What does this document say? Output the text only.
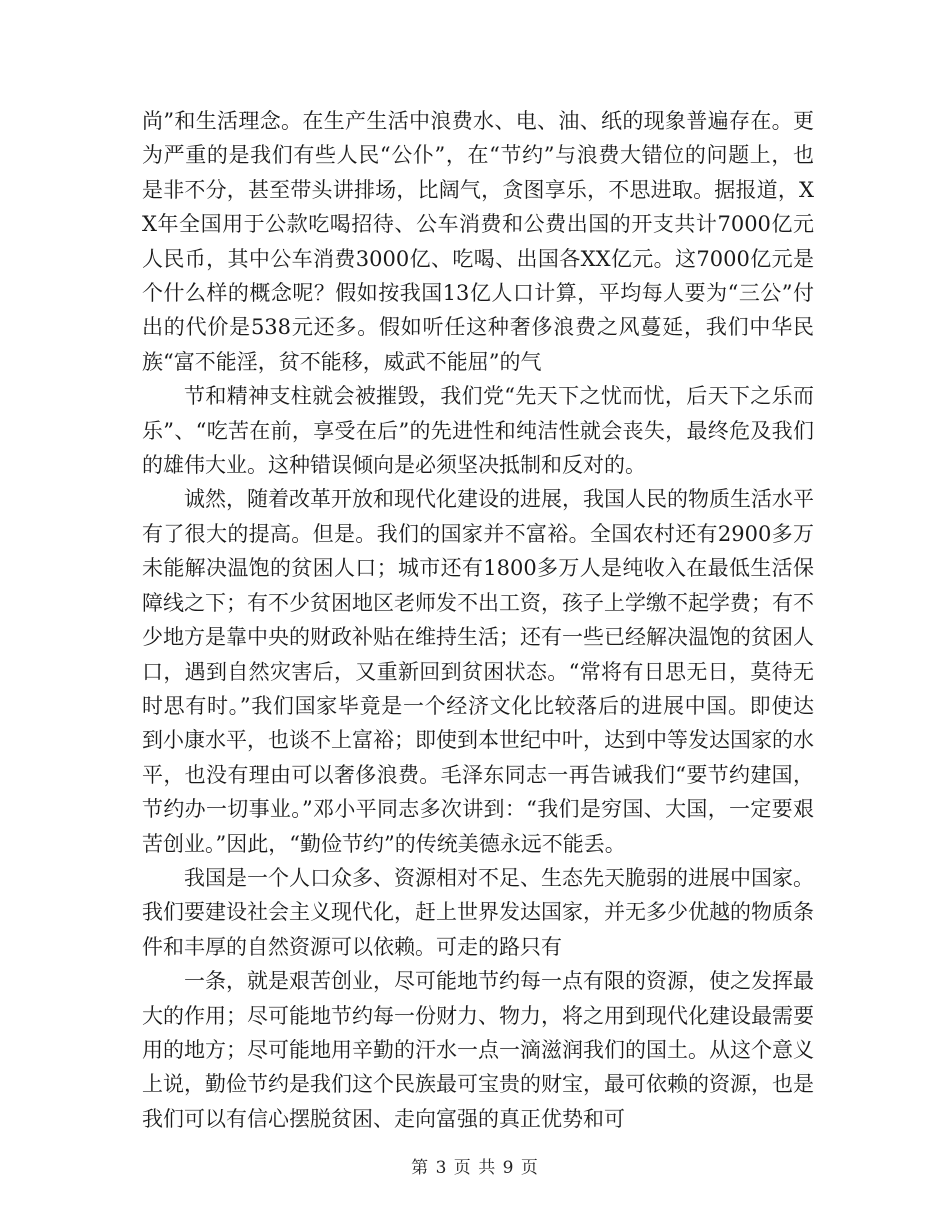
尚”和生活理念。在生产生活中浪费水、电、油、纸的现象普遍存在。更为严重的是我们有些人民“公仆”，在“节约”与浪费大错位的问题上，也是非不分，甚至带头讲排场，比阔气，贪图享乐，不思进取。据报道，XX年全国用于公款吃喝招待、公车消费和公费出国的开支共计7000亿元人民币，其中公车消费3000亿、吃喝、出国各XX亿元。这7000亿元是个什么样的概念呢？假如按我国13亿人口计算，平均每人要为“三公”付出的代价是538元还多。假如听任这种奢侈浪费之风蔓延，我们中华民族“富不能淫，贫不能移，威武不能屈”的气

节和精神支柱就会被摧毁，我们党“先天下之忧而忧，后天下之乐而乐”、“吃苦在前，享受在后”的先进性和纯洁性就会丧失，最终危及我们的雄伟大业。这种错误倾向是必须坚决抵制和反对的。

诚然，随着改革开放和现代化建设的进展，我国人民的物质生活水平有了很大的提高。但是。我们的国家并不富裕。全国农村还有2900多万未能解决温饱的贫困人口；城市还有1800多万人是纯收入在最低生活保障线之下；有不少贫困地区老师发不出工资，孩子上学缴不起学费；有不少地方是靠中央的财政补贴在维持生活；还有一些已经解决温饱的贫困人口，遇到自然灾害后，又重新回到贫困状态。“常将有日思无日，莫待无时思有时。”我们国家毕竟是一个经济文化比较落后的进展中国。即使达到小康水平，也谈不上富裕；即使到本世纪中叶，达到中等发达国家的水平，也没有理由可以奢侈浪费。毛泽东同志一再告诫我们“要节约建国，节约办一切事业。”邓小平同志多次讲到：“我们是穷国、大国，一定要艰苦创业。”因此，“勤俭节约”的传统美德永远不能丢。

我国是一个人口众多、资源相对不足、生态先天脆弱的进展中国家。我们要建设社会主义现代化，赶上世界发达国家，并无多少优越的物质条件和丰厚的自然资源可以依赖。可走的路只有

一条，就是艰苦创业，尽可能地节约每一点有限的资源，使之发挥最大的作用；尽可能地节约每一份财力、物力，将之用到现代化建设最需要用的地方；尽可能地用辛勤的汗水一点一滴滋润我们的国土。从这个意义上说，勤俭节约是我们这个民族最可宝贵的财宝，最可依赖的资源，也是我们可以有信心摆脱贫困、走向富强的真正优势和可

第 3 页 共 9 页
